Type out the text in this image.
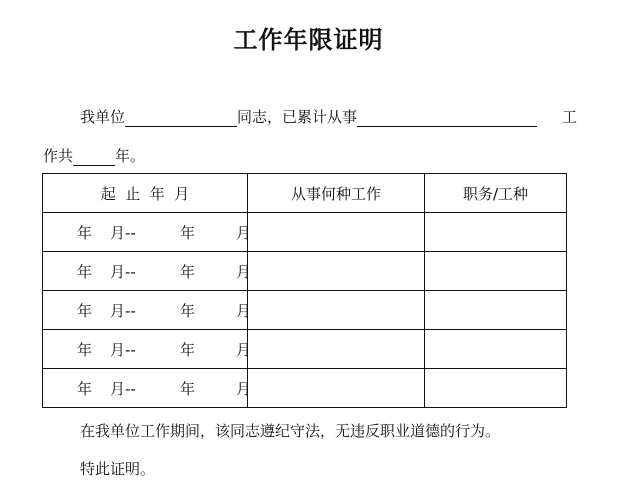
工作年限证明
我单位	同志，已累计从事	工
作共	年。
起  止  年  月	从事何种工作	职务/工种
年 月-- 年 月		
年 月-- 年 月		
年 月-- 年 月		
年 月-- 年 月		
年 月-- 年 月		
在我单位工作期间，该同志遵纪守法，无违反职业道德的行为。
特此证明。
